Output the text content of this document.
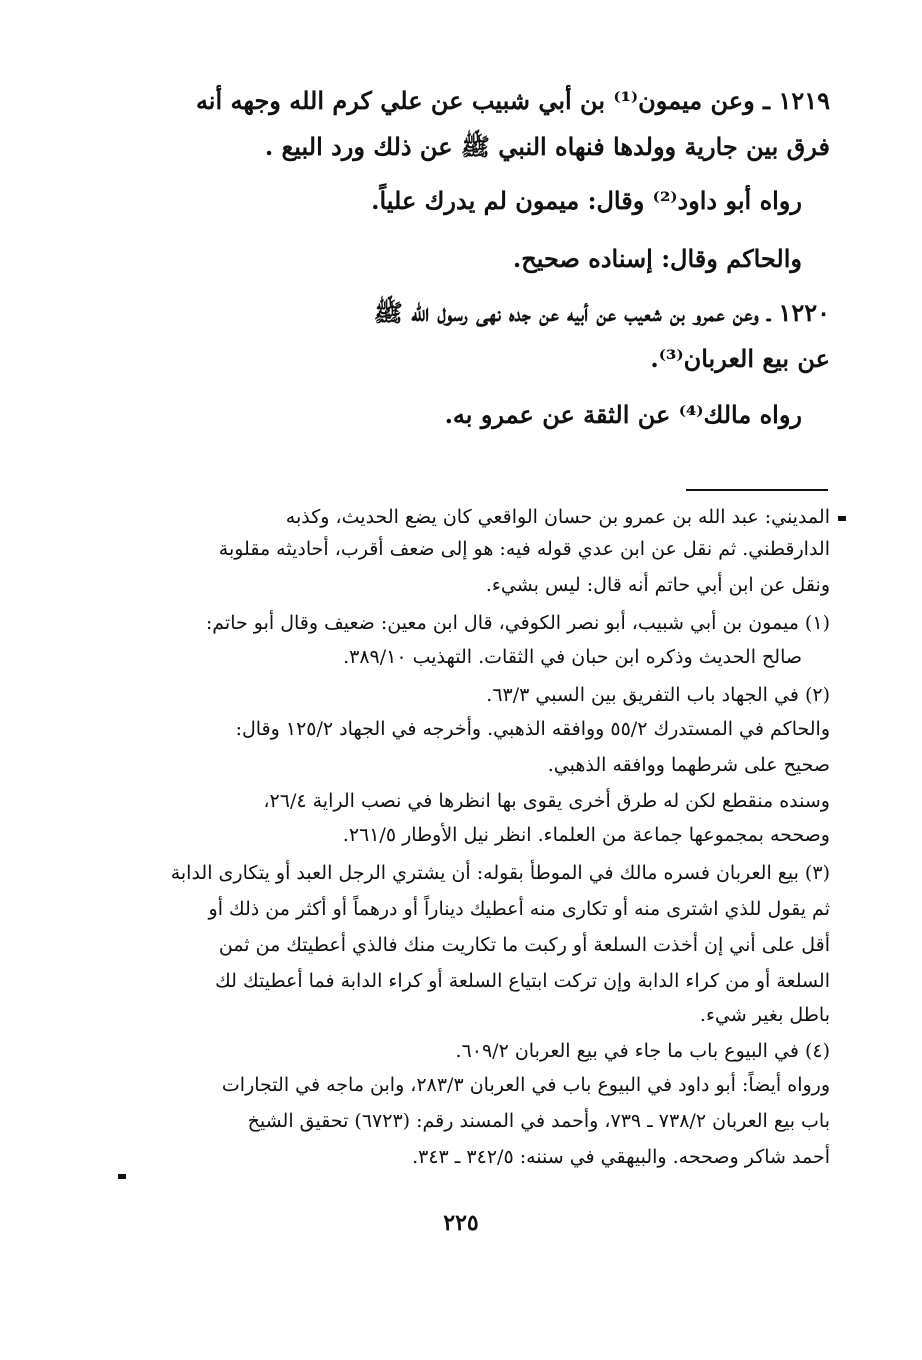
١٢١٩ ـ وعن ميمون⁽¹⁾ بن أبي شبيب عن علي كرم الله وجهه أنه
فرق بين جارية وولدها فنهاه النبي ﷺ عن ذلك ورد البيع .
رواه أبو داود⁽²⁾ وقال: ميمون لم يدرك علياً.
والحاكم وقال: إسناده صحيح.
١٢٢٠ ـ وعن عمرو بن شعيب عن أبيه عن جده نهى رسول الله ﷺ
عن بيع العربان⁽³⁾.
رواه مالك⁽⁴⁾ عن الثقة عن عمرو به.
المديني: عبد الله بن عمرو بن حسان الواقعي كان يضع الحديث، وكذبه
الدارقطني. ثم نقل عن ابن عدي قوله فيه: هو إلى ضعف أقرب، أحاديثه مقلوبة
ونقل عن ابن أبي حاتم أنه قال: ليس بشيء.
(١) ميمون بن أبي شبيب، أبو نصر الكوفي، قال ابن معين: ضعيف وقال أبو حاتم:
صالح الحديث وذكره ابن حبان في الثقات. التهذيب ٣٨٩/١٠.
(٢) في الجهاد باب التفريق بين السبي ٦٣/٣.
والحاكم في المستدرك ٥٥/٢ ووافقه الذهبي. وأخرجه في الجهاد ١٢٥/٢ وقال:
صحيح على شرطهما ووافقه الذهبي.
وسنده منقطع لكن له طرق أخرى يقوى بها انظرها في نصب الراية ٢٦/٤،
وصححه بمجموعها جماعة من العلماء. انظر نيل الأوطار ٢٦١/٥.
(٣) بيع العربان فسره مالك في الموطأ بقوله: أن يشتري الرجل العبد أو يتكارى الدابة
ثم يقول للذي اشترى منه أو تكارى منه أعطيك ديناراً أو درهماً أو أكثر من ذلك أو
أقل على أني إن أخذت السلعة أو ركبت ما تكاريت منك فالذي أعطيتك من ثمن
السلعة أو من كراء الدابة وإن تركت ابتياع السلعة أو كراء الدابة فما أعطيتك لك
باطل بغير شيء.
(٤) في البيوع باب ما جاء في بيع العربان ٦٠٩/٢.
ورواه أيضاً: أبو داود في البيوع باب في العربان ٢٨٣/٣، وابن ماجه في التجارات
باب بيع العربان ٧٣٨/٢ ـ ٧٣٩، وأحمد في المسند رقم: (٦٧٢٣) تحقيق الشيخ
أحمد شاكر وصححه. والبيهقي في سننه: ٣٤٢/٥ ـ ٣٤٣.
٢٢٥
